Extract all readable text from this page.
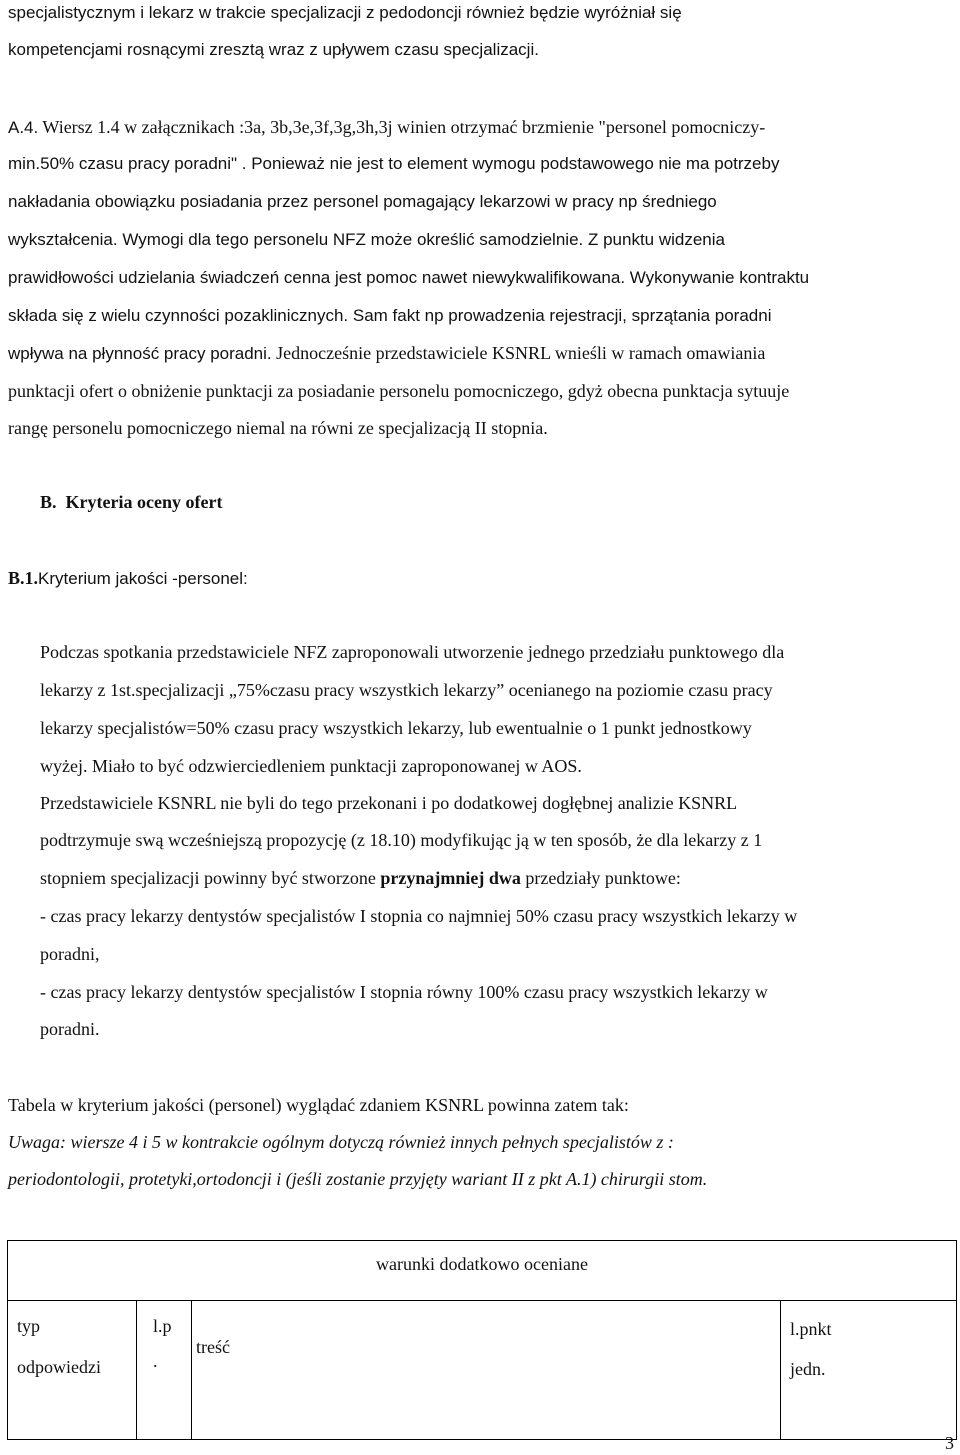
specjalistycznym i lekarz w trakcie specjalizacji z pedodoncji również będzie wyróżniał się
kompetencjami rosnącymi zresztą wraz z upływem czasu specjalizacji.
A.4. Wiersz 1.4 w załącznikach :3a, 3b,3e,3f,3g,3h,3j winien otrzymać brzmienie "personel pomocniczy-
min.50% czasu pracy poradni" . Ponieważ nie jest to element wymogu podstawowego nie ma potrzeby
nakładania obowiązku posiadania przez personel pomagający lekarzowi w pracy np średniego
wykształcenia. Wymogi dla tego personelu NFZ może określić samodzielnie. Z punktu widzenia
prawidłowości udzielania świadczeń cenna jest pomoc nawet niewykwalifikowana. Wykonywanie kontraktu
składa się z wielu czynności pozaklinicznych. Sam fakt np prowadzenia rejestracji, sprzątania poradni
wpływa na płynność pracy poradni. Jednocześnie przedstawiciele KSNRL wnieśli w ramach omawiania
punktacji ofert o obniżenie punktacji za posiadanie personelu pomocniczego, gdyż obecna punktacja sytuuje
rangę personelu pomocniczego niemal na równi ze specjalizacją II stopnia.
B. Kryteria oceny ofert
B.1.Kryterium jakości -personel:
Podczas spotkania przedstawiciele NFZ zaproponowali utworzenie jednego przedziału punktowego dla
lekarzy z 1st.specjalizacji „75%czasu pracy wszystkich lekarzy” ocenianego na poziomie czasu pracy
lekarzy specjalistów=50% czasu pracy wszystkich lekarzy, lub ewentualnie o 1 punkt jednostkowy
wyżej. Miało to być odzwierciedleniem punktacji zaproponowanej w AOS.
Przedstawiciele KSNRL nie byli do tego przekonani i po dodatkowej dogłębnej analizie KSNRL
podtrzymuje swą wcześniejszą propozycję (z 18.10) modyfikując ją w ten sposób, że dla lekarzy z 1
stopniem specjalizacji powinny być stworzone przynajmniej dwa przedziały punktowe:
- czas pracy lekarzy dentystów specjalistów I stopnia co najmniej 50% czasu pracy wszystkich lekarzy w
poradni,
- czas pracy lekarzy dentystów specjalistów I stopnia równy 100% czasu pracy wszystkich lekarzy w
poradni.
Tabela w kryterium jakości (personel) wyglądać zdaniem KSNRL powinna zatem tak:
Uwaga: wiersze 4 i 5 w kontrakcie ogólnym dotyczą również innych pełnych specjalistów z :
periodontologii, protetyki,ortodoncji i (jeśli zostanie przyjęty wariant II z pkt A.1) chirurgii stom.
warunki dodatkowo oceniane
typ
odpowiedzi
l.p
.
treść
l.pnkt
jedn.
3
